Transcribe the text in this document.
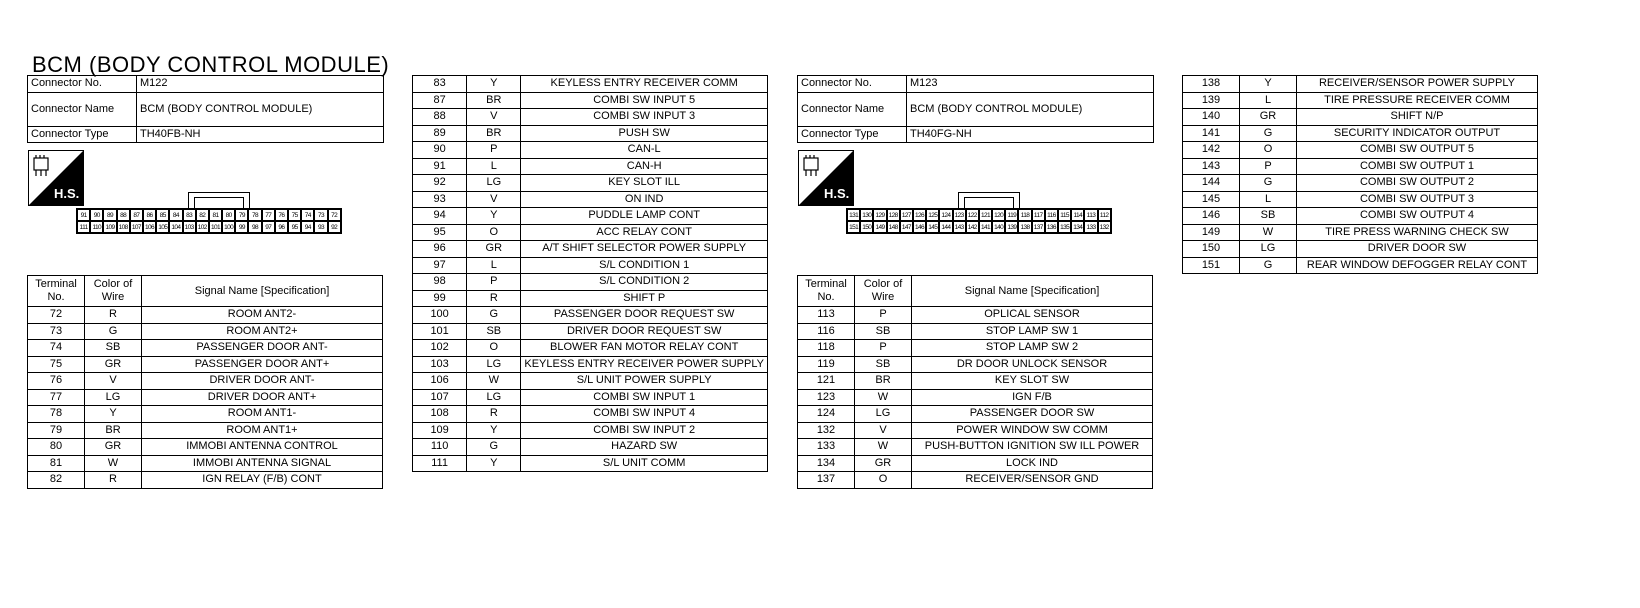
BCM (BODY CONTROL MODULE)
Connector No.	M122
Connector Name	BCM (BODY CONTROL MODULE)
Connector Type	TH40FB-NH
Connector No.	M123
Connector Name	BCM (BODY CONTROL MODULE)
Connector Type	TH40FG-NH
H.S.	H.S.
91	90	89	88	87	86	85	84	83	82	81	80	79	78	77	76	75	74	73	72
111 110 109 108 107 106 105 104 103 102 101 100 99	98	97	96	95	94	93	92
131 130 129 128 127 126 125 124 123 122 121 120 119 118 117 116 115 114 113 112
151 150 149 148 147 146 145 144 143 142 141 140 139 138 137 136 135 134 133 132
Terminal No.	Color of Wire	Signal Name [Specification]
72	R	ROOM ANT2-
73	G	ROOM ANT2+
74	SB	PASSENGER DOOR ANT-
75	GR	PASSENGER DOOR ANT+
76	V	DRIVER DOOR ANT-
77	LG	DRIVER DOOR ANT+
78	Y	ROOM ANT1-
79	BR	ROOM ANT1+
80	GR	IMMOBI ANTENNA CONTROL
81	W	IMMOBI ANTENNA SIGNAL
82	R	IGN RELAY (F/B) CONT
83	Y	KEYLESS ENTRY RECEIVER COMM
87	BR	COMBI SW INPUT 5
88	V	COMBI SW INPUT 3
89	BR	PUSH SW
90	P	CAN-L
91	L	CAN-H
92	LG	KEY SLOT ILL
93	V	ON IND
94	Y	PUDDLE LAMP CONT
95	O	ACC RELAY CONT
96	GR	A/T SHIFT SELECTOR POWER SUPPLY
97	L	S/L CONDITION 1
98	P	S/L CONDITION 2
99	R	SHIFT P
100	G	PASSENGER DOOR REQUEST SW
101	SB	DRIVER DOOR REQUEST SW
102	O	BLOWER FAN MOTOR RELAY CONT
103	LG	KEYLESS ENTRY RECEIVER POWER SUPPLY
106	W	S/L UNIT POWER SUPPLY
107	LG	COMBI SW INPUT 1
108	R	COMBI SW INPUT 4
109	Y	COMBI SW INPUT 2
110	G	HAZARD SW
111	Y	S/L UNIT COMM
Terminal No.	Color of Wire	Signal Name [Specification]
113	P	OPLICAL SENSOR
116	SB	STOP LAMP SW 1
118	P	STOP LAMP SW 2
119	SB	DR DOOR UNLOCK SENSOR
121	BR	KEY SLOT SW
123	W	IGN F/B
124	LG	PASSENGER DOOR SW
132	V	POWER WINDOW SW COMM
133	W	PUSH-BUTTON IGNITION SW ILL POWER
134	GR	LOCK IND
137	O	RECEIVER/SENSOR GND
138	Y	RECEIVER/SENSOR POWER SUPPLY
139	L	TIRE PRESSURE RECEIVER COMM
140	GR	SHIFT N/P
141	G	SECURITY INDICATOR OUTPUT
142	O	COMBI SW OUTPUT 5
143	P	COMBI SW OUTPUT 1
144	G	COMBI SW OUTPUT 2
145	L	COMBI SW OUTPUT 3
146	SB	COMBI SW OUTPUT 4
149	W	TIRE PRESS WARNING CHECK SW
150	LG	DRIVER DOOR SW
151	G	REAR WINDOW DEFOGGER RELAY CONT
